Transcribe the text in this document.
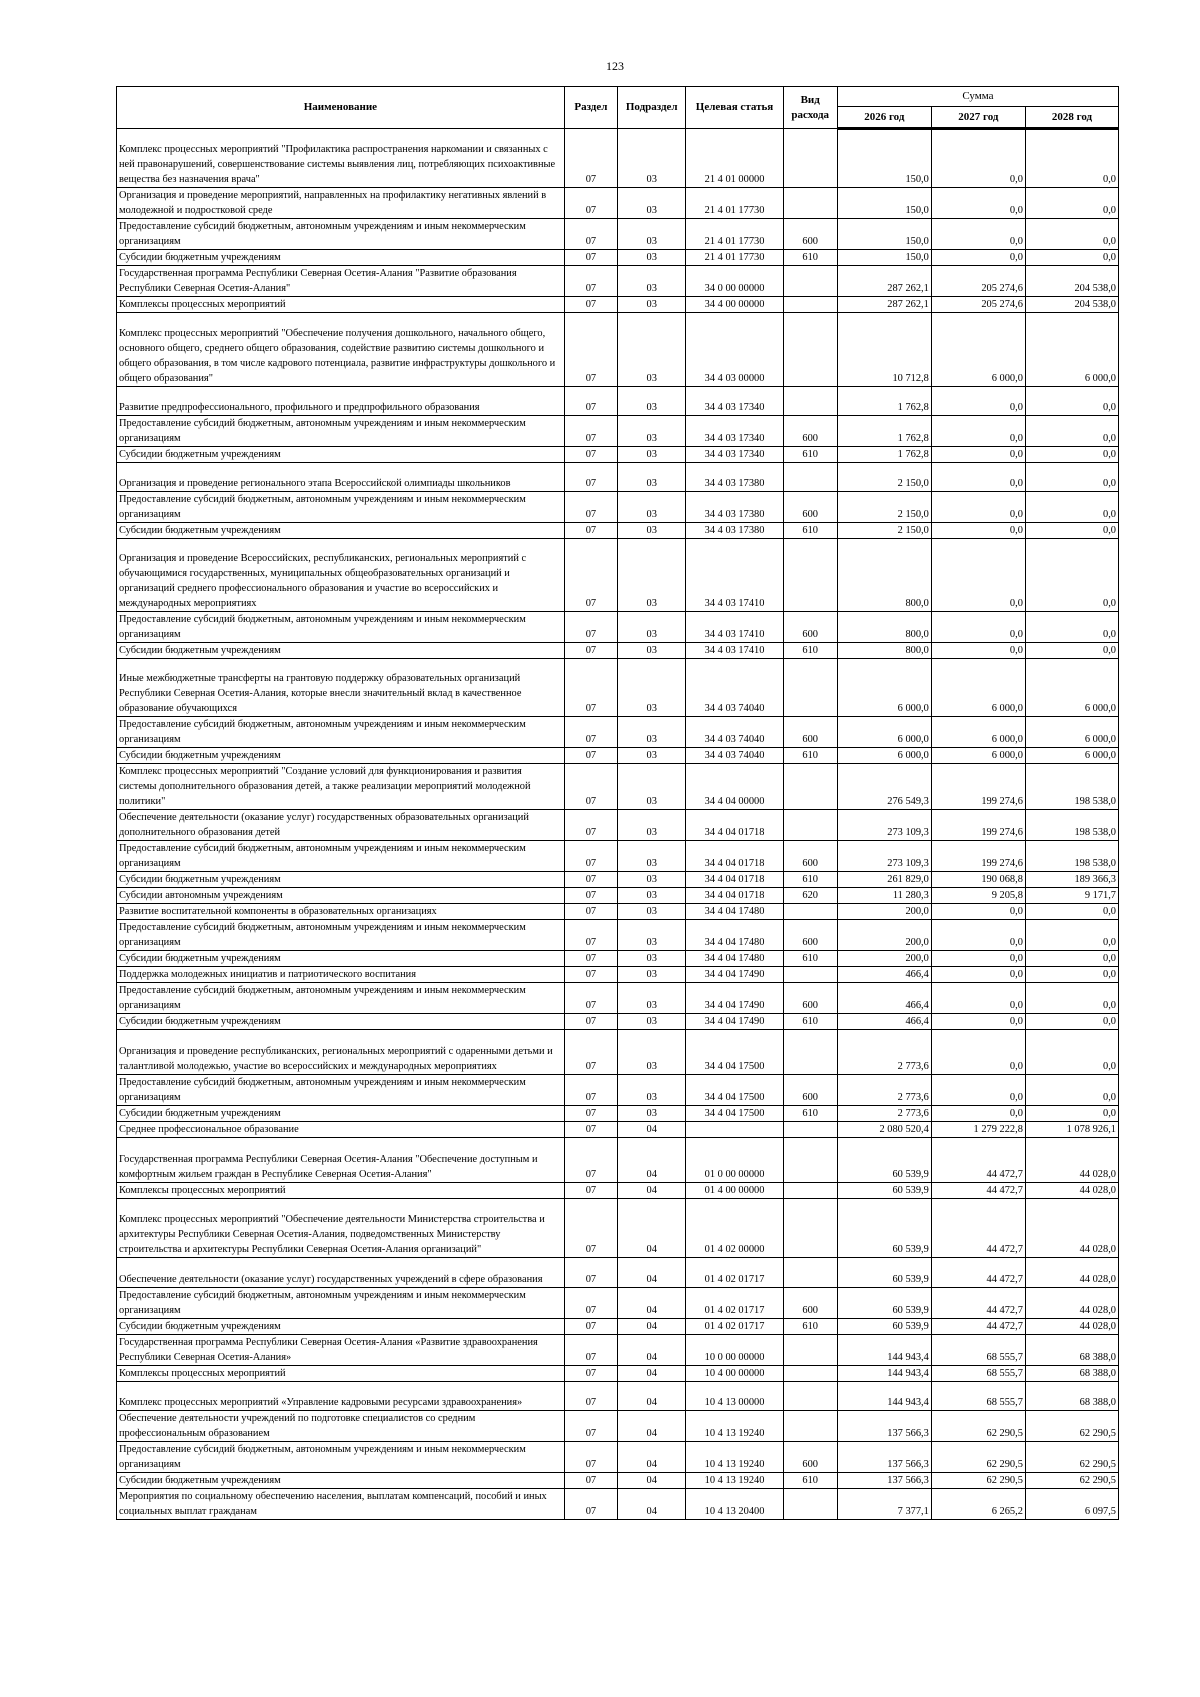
123
Наименование	Раздел	Подраздел	Целевая статья	Вид расхода	Сумма		
					2026 год	2027 год	2028 год
Комплекс процессных мероприятий "Профилактика распространения наркомании и связанных с ней правонарушений, совершенствование системы выявления лиц, потребляющих психоактивные вещества без назначения врача"	07	03	21 4 01 00000		150,0	0,0	0,0
Организация и проведение мероприятий, направленных на профилактику негативных явлений в молодежной и подростковой среде	07	03	21 4 01 17730		150,0	0,0	0,0
Предоставление субсидий бюджетным, автономным учреждениям и иным некоммерческим организациям	07	03	21 4 01 17730	600	150,0	0,0	0,0
Субсидии бюджетным учреждениям	07	03	21 4 01 17730	610	150,0	0,0	0,0
Государственная программа Республики Северная Осетия-Алания "Развитие образования Республики Северная Осетия-Алания"	07	03	34 0 00 00000		287 262,1	205 274,6	204 538,0
Комплексы процессных мероприятий	07	03	34 4 00 00000		287 262,1	205 274,6	204 538,0
Комплекс процессных мероприятий "Обеспечение получения дошкольного, начального общего, основного общего, среднего общего образования, содействие развитию системы дошкольного и общего образования, в том числе кадрового потенциала, развитие инфраструктуры дошкольного и общего образования"	07	03	34 4 03 00000		10 712,8	6 000,0	6 000,0
Развитие предпрофессионального, профильного и предпрофильного образования	07	03	34 4 03 17340		1 762,8	0,0	0,0
Предоставление субсидий бюджетным, автономным учреждениям и иным некоммерческим организациям	07	03	34 4 03 17340	600	1 762,8	0,0	0,0
Субсидии бюджетным учреждениям	07	03	34 4 03 17340	610	1 762,8	0,0	0,0
Организация и проведение регионального этапа Всероссийской олимпиады школьников	07	03	34 4 03 17380		2 150,0	0,0	0,0
Предоставление субсидий бюджетным, автономным учреждениям и иным некоммерческим организациям	07	03	34 4 03 17380	600	2 150,0	0,0	0,0
Субсидии бюджетным учреждениям	07	03	34 4 03 17380	610	2 150,0	0,0	0,0
Организация и проведение Всероссийских, республиканских, региональных мероприятий с обучающимися государственных, муниципальных общеобразовательных организаций и организаций среднего профессионального образования и участие во всероссийских и международных мероприятиях	07	03	34 4 03 17410		800,0	0,0	0,0
Предоставление субсидий бюджетным, автономным учреждениям и иным некоммерческим организациям	07	03	34 4 03 17410	600	800,0	0,0	0,0
Субсидии бюджетным учреждениям	07	03	34 4 03 17410	610	800,0	0,0	0,0
Иные межбюджетные трансферты на грантовую поддержку образовательных организаций Республики Северная Осетия-Алания, которые внесли значительный вклад в качественное образование обучающихся	07	03	34 4 03 74040		6 000,0	6 000,0	6 000,0
Предоставление субсидий бюджетным, автономным учреждениям и иным некоммерческим организациям	07	03	34 4 03 74040	600	6 000,0	6 000,0	6 000,0
Субсидии бюджетным учреждениям	07	03	34 4 03 74040	610	6 000,0	6 000,0	6 000,0
Комплекс процессных мероприятий "Создание условий для функционирования и развития системы дополнительного образования детей, а также реализации мероприятий молодежной политики"	07	03	34 4 04 00000		276 549,3	199 274,6	198 538,0
Обеспечение деятельности (оказание услуг) государственных образовательных организаций дополнительного образования детей	07	03	34 4 04 01718		273 109,3	199 274,6	198 538,0
Предоставление субсидий бюджетным, автономным учреждениям и иным некоммерческим организациям	07	03	34 4 04 01718	600	273 109,3	199 274,6	198 538,0
Субсидии бюджетным учреждениям	07	03	34 4 04 01718	610	261 829,0	190 068,8	189 366,3
Субсидии автономным учреждениям	07	03	34 4 04 01718	620	11 280,3	9 205,8	9 171,7
Развитие воспитательной компоненты в образовательных организациях	07	03	34 4 04 17480		200,0	0,0	0,0
Предоставление субсидий бюджетным, автономным учреждениям и иным некоммерческим организациям	07	03	34 4 04 17480	600	200,0	0,0	0,0
Субсидии бюджетным учреждениям	07	03	34 4 04 17480	610	200,0	0,0	0,0
Поддержка молодежных инициатив и патриотического воспитания	07	03	34 4 04 17490		466,4	0,0	0,0
Предоставление субсидий бюджетным, автономным учреждениям и иным некоммерческим организациям	07	03	34 4 04 17490	600	466,4	0,0	0,0
Субсидии бюджетным учреждениям	07	03	34 4 04 17490	610	466,4	0,0	0,0
Организация и проведение республиканских, региональных мероприятий с одаренными детьми и талантливой молодежью, участие во всероссийских и международных мероприятиях	07	03	34 4 04 17500		2 773,6	0,0	0,0
Предоставление субсидий бюджетным, автономным учреждениям и иным некоммерческим организациям	07	03	34 4 04 17500	600	2 773,6	0,0	0,0
Субсидии бюджетным учреждениям	07	03	34 4 04 17500	610	2 773,6	0,0	0,0
Среднее профессиональное образование	07	04			2 080 520,4	1 279 222,8	1 078 926,1
Государственная программа Республики Северная Осетия-Алания "Обеспечение доступным и комфортным жильем граждан в Республике Северная Осетия-Алания"	07	04	01 0 00 00000		60 539,9	44 472,7	44 028,0
Комплексы процессных мероприятий	07	04	01 4 00 00000		60 539,9	44 472,7	44 028,0
Комплекс процессных мероприятий "Обеспечение деятельности Министерства строительства и архитектуры Республики Северная Осетия-Алания, подведомственных Министерству строительства и архитектуры Республики Северная Осетия-Алания организаций"	07	04	01 4 02 00000		60 539,9	44 472,7	44 028,0
Обеспечение деятельности (оказание услуг) государственных учреждений в сфере образования	07	04	01 4 02 01717		60 539,9	44 472,7	44 028,0
Предоставление субсидий бюджетным, автономным учреждениям и иным некоммерческим организациям	07	04	01 4 02 01717	600	60 539,9	44 472,7	44 028,0
Субсидии бюджетным учреждениям	07	04	01 4 02 01717	610	60 539,9	44 472,7	44 028,0
Государственная программа Республики Северная Осетия-Алания «Развитие здравоохранения Республики Северная Осетия-Алания»	07	04	10 0 00 00000		144 943,4	68 555,7	68 388,0
Комплексы процессных мероприятий	07	04	10 4 00 00000		144 943,4	68 555,7	68 388,0
Комплекс процессных мероприятий «Управление кадровыми ресурсами здравоохранения»	07	04	10 4 13 00000		144 943,4	68 555,7	68 388,0
Обеспечение деятельности учреждений по подготовке специалистов со средним профессиональным образованием	07	04	10 4 13 19240		137 566,3	62 290,5	62 290,5
Предоставление субсидий бюджетным, автономным учреждениям и иным некоммерческим организациям	07	04	10 4 13 19240	600	137 566,3	62 290,5	62 290,5
Субсидии бюджетным учреждениям	07	04	10 4 13 19240	610	137 566,3	62 290,5	62 290,5
Мероприятия по социальному обеспечению населения, выплатам компенсаций, пособий и иных социальных выплат гражданам	07	04	10 4 13 20400		7 377,1	6 265,2	6 097,5
